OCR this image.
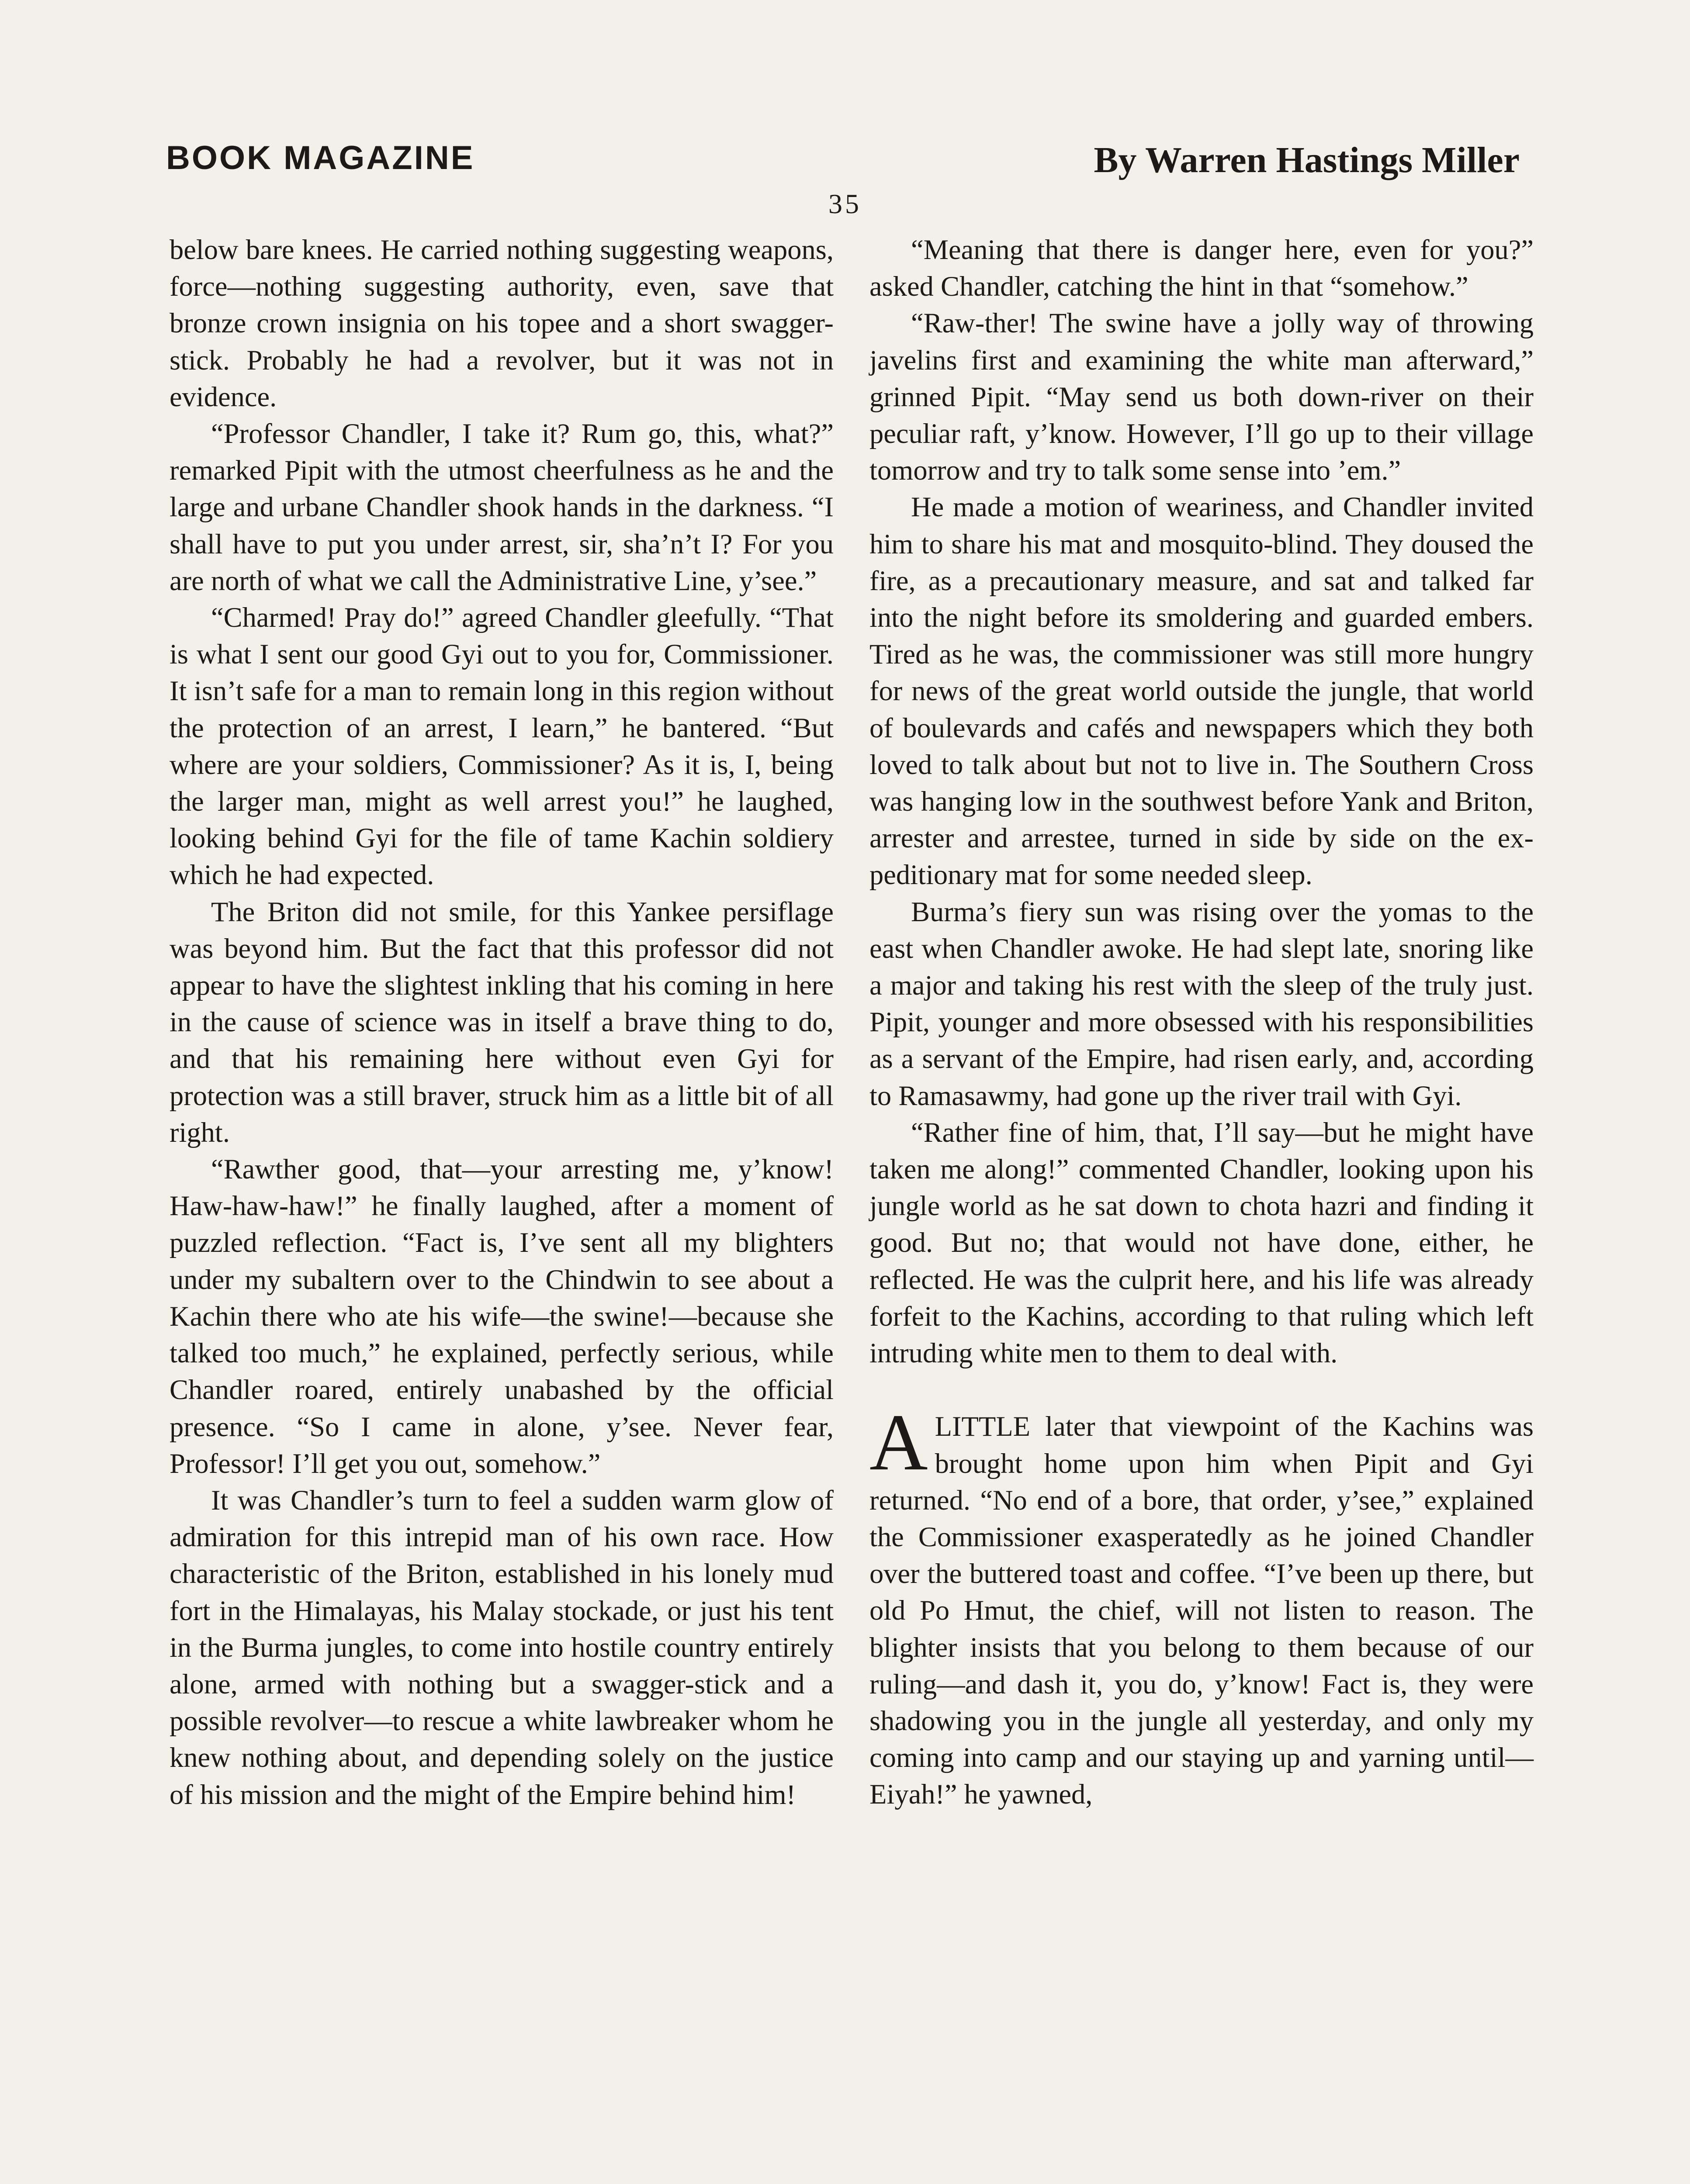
BOOK MAGAZINE	By Warren Hastings Miller
35

below bare knees. He carried nothing suggesting weapons, force—nothing suggesting authority, even, save that bronze crown insignia on his topee and a short swagger-stick. Probably he had a revolver, but it was not in evidence.

“Professor Chandler, I take it? Rum go, this, what?” remarked Pipit with the utmost cheerfulness as he and the large and urbane Chandler shook hands in the darkness. “I shall have to put you under arrest, sir, sha’n’t I? For you are north of what we call the Administrative Line, y’see.”

“Charmed! Pray do!” agreed Chandler gleefully. “That is what I sent our good Gyi out to you for, Commissioner. It isn’t safe for a man to remain long in this region without the protection of an arrest, I learn,” he bantered. “But where are your soldiers, Commissioner? As it is, I, being the larger man, might as well arrest you!” he laughed, looking behind Gyi for the file of tame Kachin soldiery which he had expected.

The Briton did not smile, for this Yankee persiflage was beyond him. But the fact that this professor did not appear to have the slightest inkling that his coming in here in the cause of science was in itself a brave thing to do, and that his remaining here without even Gyi for protection was a still braver, struck him as a little bit of all right.

“Rawther good, that—your arresting me, y’know! Haw-haw-haw!” he finally laughed, after a moment of puzzled reflection. “Fact is, I’ve sent all my blighters under my subaltern over to the Chindwin to see about a Kachin there who ate his wife—the swine!—because she talked too much,” he explained, perfectly serious, while Chandler roared, entirely unabashed by the official presence. “So I came in alone, y’see. Never fear, Professor! I’ll get you out, somehow.”

It was Chandler’s turn to feel a sudden warm glow of admiration for this intrepid man of his own race. How characteristic of the Briton, established in his lonely mud fort in the Himalayas, his Malay stockade, or just his tent in the Burma jungles, to come into hostile country entirely alone, armed with nothing but a swagger-stick and a possible revolver—to rescue a white lawbreaker whom he knew nothing about, and depending solely on the justice of his mission and the might of the Empire behind him!

“Meaning that there is danger here, even for you?” asked Chandler, catching the hint in that “somehow.”

“Raw-ther! The swine have a jolly way of throwing javelins first and examining the white man afterward,” grinned Pipit. “May send us both down-river on their peculiar raft, y’know. However, I’ll go up to their village tomorrow and try to talk some sense into ’em.”

He made a motion of weariness, and Chandler invited him to share his mat and mosquito-blind. They doused the fire, as a precautionary measure, and sat and talked far into the night before its smoldering and guarded embers. Tired as he was, the commissioner was still more hungry for news of the great world outside the jungle, that world of boulevards and cafés and newspapers which they both loved to talk about but not to live in. The Southern Cross was hanging low in the southwest before Yank and Briton, arrester and arrestee, turned in side by side on the expeditionary mat for some needed sleep.

Burma’s fiery sun was rising over the yomas to the east when Chandler awoke. He had slept late, snoring like a major and taking his rest with the sleep of the truly just. Pipit, younger and more obsessed with his responsibilities as a servant of the Empire, had risen early, and, according to Ramasawmy, had gone up the river trail with Gyi.

“Rather fine of him, that, I’ll say—but he might have taken me along!” commented Chandler, looking upon his jungle world as he sat down to chota hazri and finding it good. But no; that would not have done, either, he reflected. He was the culprit here, and his life was already forfeit to the Kachins, according to that ruling which left intruding white men to them to deal with.

ALITTLE later that viewpoint of the Kachins was brought home upon him when Pipit and Gyi returned. “No end of a bore, that order, y’see,” explained the Commissioner exasperatedly as he joined Chandler over the buttered toast and coffee. “I’ve been up there, but old Po Hmut, the chief, will not listen to reason. The blighter insists that you belong to them because of our ruling—and dash it, you do, y’know! Fact is, they were shadowing you in the jungle all yesterday, and only my coming into camp and our staying up and yarning until—Eiyah!” he yawned,
